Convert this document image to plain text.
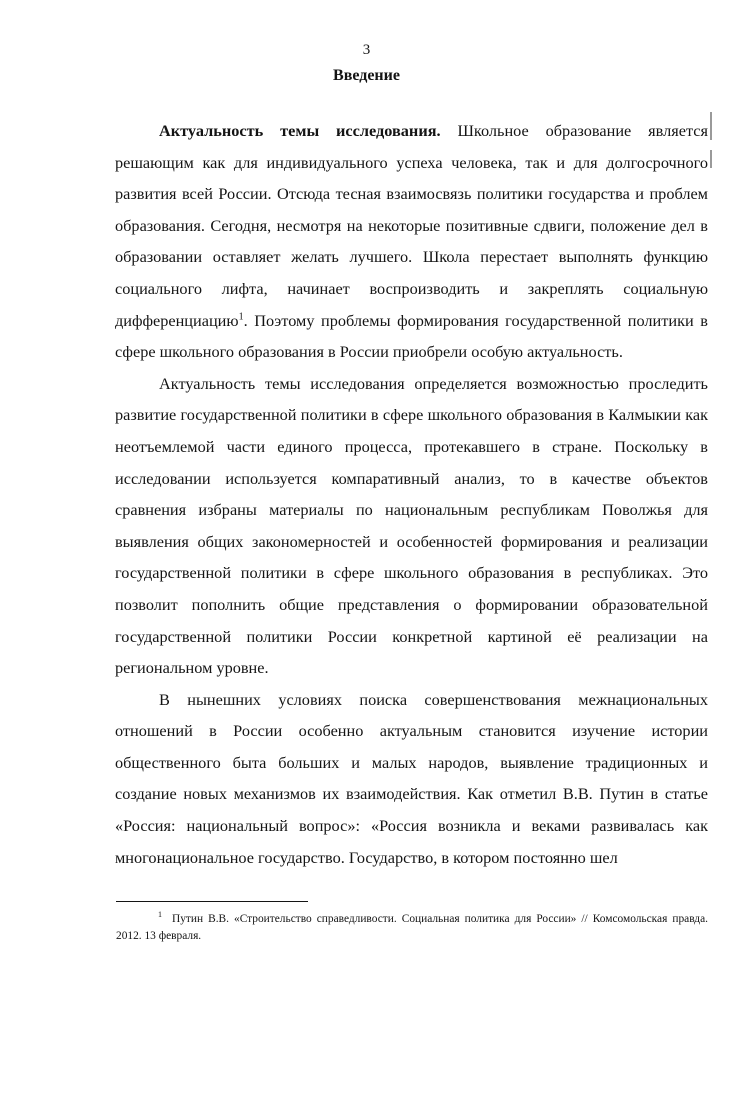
3
Введение

Актуальность темы исследования. Школьное образование является решающим как для индивидуального успеха человека, так и для долгосрочного развития всей России. Отсюда тесная взаимосвязь политики государства и проблем образования. Сегодня, несмотря на некоторые позитивные сдвиги, положение дел в образовании оставляет желать лучшего. Школа перестает выполнять функцию социального лифта, начинает воспроизводить и закреплять социальную дифференциацию$^1$. Поэтому проблемы формирования государственной политики в сфере школьного образования в России приобрели особую актуальность.

Актуальность темы исследования определяется возможностью проследить развитие государственной политики в сфере школьного образования в Калмыкии как неотъемлемой части единого процесса, протекавшего в стране. Поскольку в исследовании используется компаративный анализ, то в качестве объектов сравнения избраны материалы по национальным республикам Поволжья для выявления общих закономерностей и особенностей формирования и реализации государственной политики в сфере школьного образования в республиках. Это позволит пополнить общие представления о формировании образовательной государственной политики России конкретной картиной её реализации на региональном уровне.

В нынешних условиях поиска совершенствования межнациональных отношений в России особенно актуальным становится изучение истории общественного быта больших и малых народов, выявление традиционных и создание новых механизмов их взаимодействия. Как отметил В.В. Путин в статье «Россия: национальный вопрос»: «Россия возникла и веками развивалась как многонациональное государство. Государство, в котором постоянно шел

$^1$ Путин В.В. «Строительство справедливости. Социальная политика для России» // Комсомольская правда. 2012. 13 февраля.
